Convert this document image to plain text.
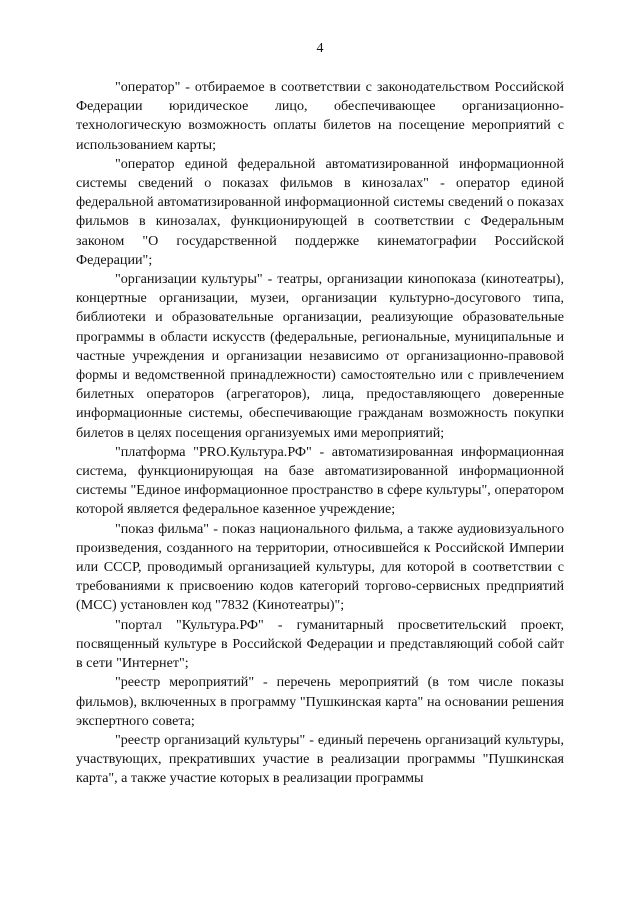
4

"оператор" - отбираемое в соответствии с законодательством Российской Федерации юридическое лицо, обеспечивающее организационно-технологическую возможность оплаты билетов на посещение мероприятий с использованием карты;

"оператор единой федеральной автоматизированной информационной системы сведений о показах фильмов в кинозалах" - оператор единой федеральной автоматизированной информационной системы сведений о показах фильмов в кинозалах, функционирующей в соответствии с Федеральным законом "О государственной поддержке кинематографии Российской Федерации";

"организации культуры" - театры, организации кинопоказа (кинотеатры), концертные организации, музеи, организации культурно-досугового типа, библиотеки и образовательные организации, реализующие образовательные программы в области искусств (федеральные, региональные, муниципальные и частные учреждения и организации независимо от организационно-правовой формы и ведомственной принадлежности) самостоятельно или с привлечением билетных операторов (агрегаторов), лица, предоставляющего доверенные информационные системы, обеспечивающие гражданам возможность покупки билетов в целях посещения организуемых ими мероприятий;

"платформа "PRO.Культура.РФ" - автоматизированная информационная система, функционирующая на базе автоматизированной информационной системы "Единое информационное пространство в сфере культуры", оператором которой является федеральное казенное учреждение;

"показ фильма" - показ национального фильма, а также аудиовизуального произведения, созданного на территории, относившейся к Российской Империи или СССР, проводимый организацией культуры, для которой в соответствии с требованиями к присвоению кодов категорий торгово-сервисных предприятий (МСС) установлен код "7832 (Кинотеатры)";

"портал "Культура.РФ" - гуманитарный просветительский проект, посвященный культуре в Российской Федерации и представляющий собой сайт в сети "Интернет";

"реестр мероприятий" - перечень мероприятий (в том числе показы фильмов), включенных в программу "Пушкинская карта" на основании решения экспертного совета;

"реестр организаций культуры" - единый перечень организаций культуры, участвующих, прекративших участие в реализации программы "Пушкинская карта", а также участие которых в реализации программы
